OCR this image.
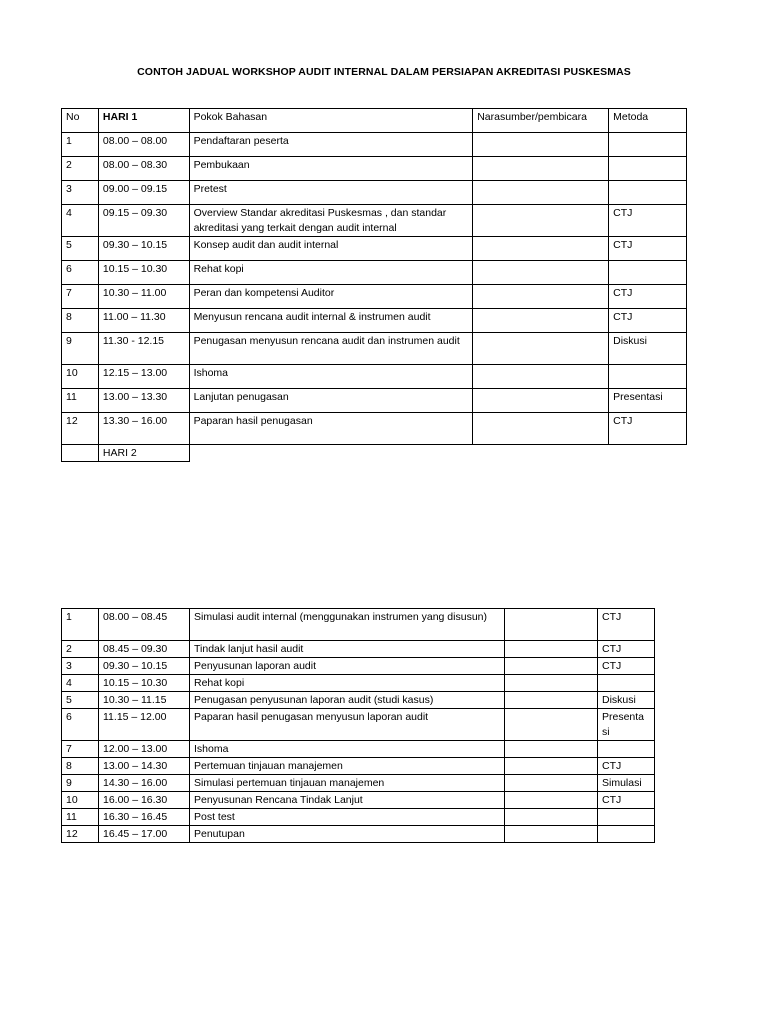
CONTOH JADUAL WORKSHOP AUDIT INTERNAL DALAM PERSIAPAN AKREDITASI PUSKESMAS
No	HARI 1	Pokok Bahasan	Narasumber/pembicara	Metoda
1	08.00 – 08.00	Pendaftaran peserta		
2	08.00 – 08.30	Pembukaan		
3	09.00 – 09.15	Pretest		
4	09.15 – 09.30	Overview Standar akreditasi Puskesmas , dan standar akreditasi yang terkait dengan audit internal		CTJ
5	09.30 – 10.15	Konsep audit dan audit internal		CTJ
6	10.15 – 10.30	Rehat kopi		
7	10.30 – 11.00	Peran dan kompetensi Auditor		CTJ
8	11.00 – 11.30	Menyusun rencana audit internal & instrumen audit		CTJ
9	11.30 - 12.15	Penugasan menyusun rencana audit dan instrumen audit		Diskusi
10	12.15 – 13.00	Ishoma		
11	13.00 – 13.30	Lanjutan penugasan		Presentasi
12	13.30 – 16.00	Paparan hasil penugasan		CTJ
	HARI 2			
1	08.00 – 08.45	Simulasi audit internal (menggunakan instrumen yang disusun)		CTJ
2	08.45 – 09.30	Tindak lanjut hasil audit		CTJ
3	09.30 – 10.15	Penyusunan laporan audit		CTJ
4	10.15 – 10.30	Rehat kopi		
5	10.30 – 11.15	Penugasan penyusunan laporan audit (studi kasus)		Diskusi
6	11.15 – 12.00	Paparan hasil penugasan menyusun laporan audit		Presenta si
7	12.00 – 13.00	Ishoma		
8	13.00 – 14.30	Pertemuan tinjauan manajemen		CTJ
9	14.30 – 16.00	Simulasi pertemuan tinjauan manajemen		Simulasi
10	16.00 – 16.30	Penyusunan Rencana Tindak Lanjut		CTJ
11	16.30 – 16.45	Post test		
12	16.45 – 17.00	Penutupan		
